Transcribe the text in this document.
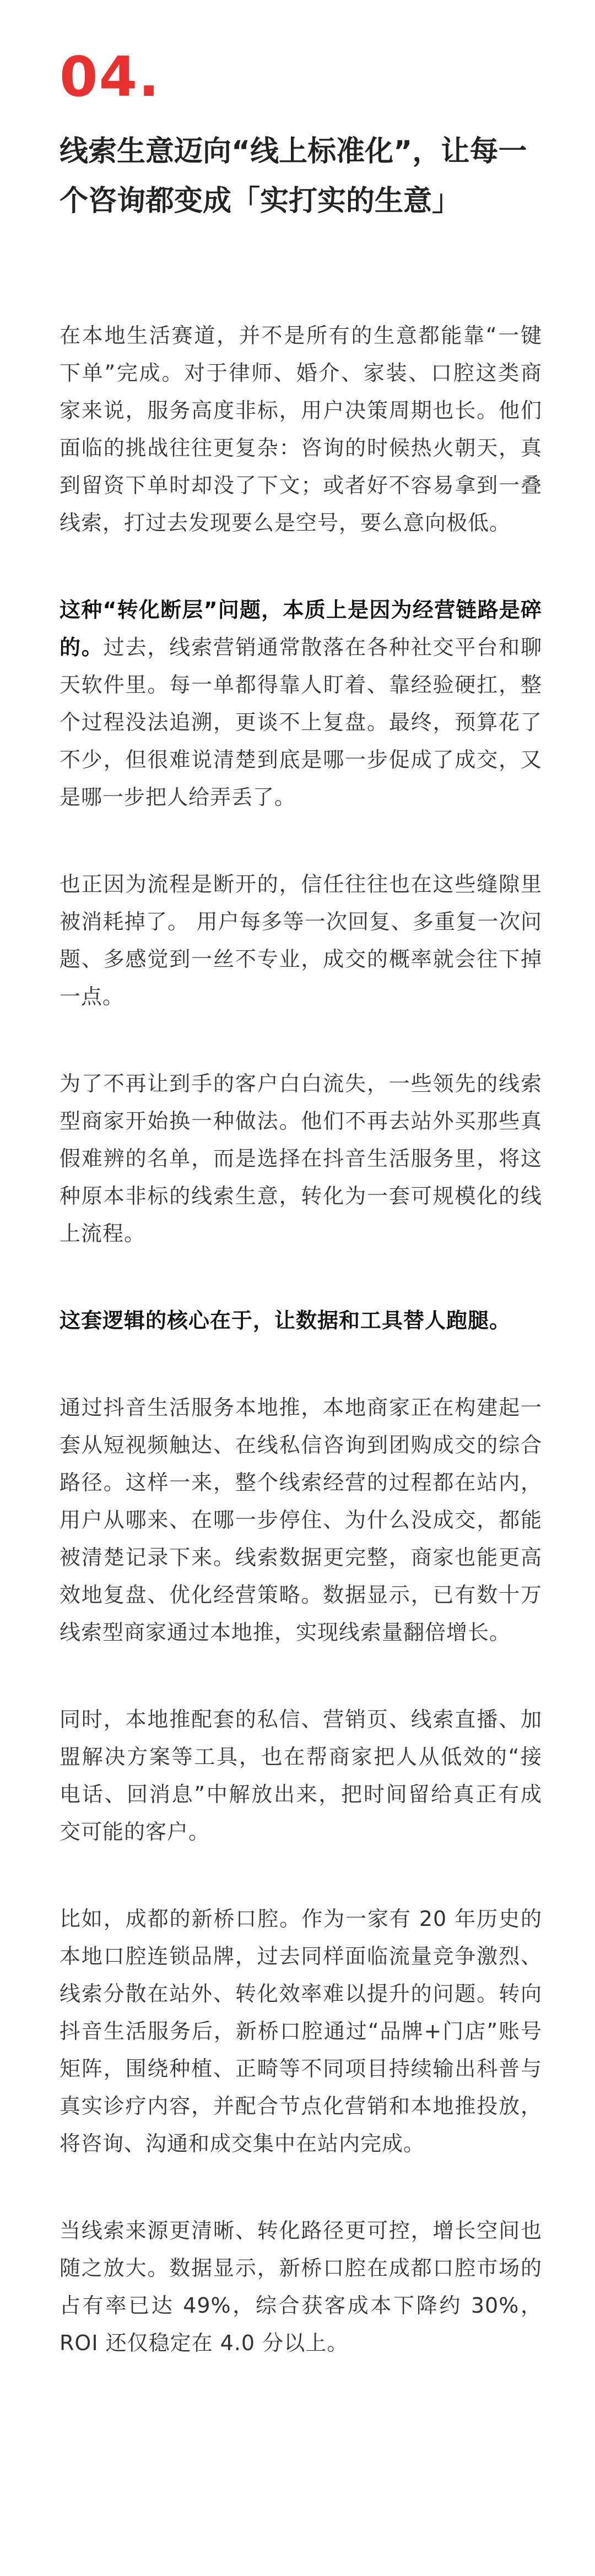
04.
线索生意迈向“线上标准化”，让每一个咨询都变成「实打实的生意」

在本地生活赛道，并不是所有的生意都能靠“一键下单”完成。对于律师、婚介、家装、口腔这类商家来说，服务高度非标，用户决策周期也长。他们面临的挑战往往更复杂：咨询的时候热火朝天，真到留资下单时却没了下文；或者好不容易拿到一叠线索，打过去发现要么是空号，要么意向极低。

这种“转化断层”问题，本质上是因为经营链路是碎的。过去，线索营销通常散落在各种社交平台和聊天软件里。每一单都得靠人盯着、靠经验硬扛，整个过程没法追溯，更谈不上复盘。最终，预算花了不少，但很难说清楚到底是哪一步促成了成交，又是哪一步把人给弄丢了。

也正因为流程是断开的，信任往往也在这些缝隙里被消耗掉了。 用户每多等一次回复、多重复一次问题、多感觉到一丝不专业，成交的概率就会往下掉一点。

为了不再让到手的客户白白流失，一些领先的线索型商家开始换一种做法。他们不再去站外买那些真假难辨的名单，而是选择在抖音生活服务里，将这种原本非标的线索生意，转化为一套可规模化的线上流程。

这套逻辑的核心在于，让数据和工具替人跑腿。

通过抖音生活服务本地推，本地商家正在构建起一套从短视频触达、在线私信咨询到团购成交的综合路径。这样一来，整个线索经营的过程都在站内，用户从哪来、在哪一步停住、为什么没成交，都能被清楚记录下来。线索数据更完整，商家也能更高效地复盘、优化经营策略。数据显示，已有数十万线索型商家通过本地推，实现线索量翻倍增长。

同时，本地推配套的私信、营销页、线索直播、加盟解决方案等工具，也在帮商家把人从低效的“接电话、回消息”中解放出来，把时间留给真正有成交可能的客户。

比如，成都的新桥口腔。作为一家有 20 年历史的本地口腔连锁品牌，过去同样面临流量竞争激烈、线索分散在站外、转化效率难以提升的问题。转向抖音生活服务后，新桥口腔通过“品牌+门店”账号矩阵，围绕种植、正畸等不同项目持续输出科普与真实诊疗内容，并配合节点化营销和本地推投放，将咨询、沟通和成交集中在站内完成。

当线索来源更清晰、转化路径更可控，增长空间也随之放大。数据显示，新桥口腔在成都口腔市场的占有率已达 49%，综合获客成本下降约 30%，ROI 还仅稳定在 4.0 分以上。
